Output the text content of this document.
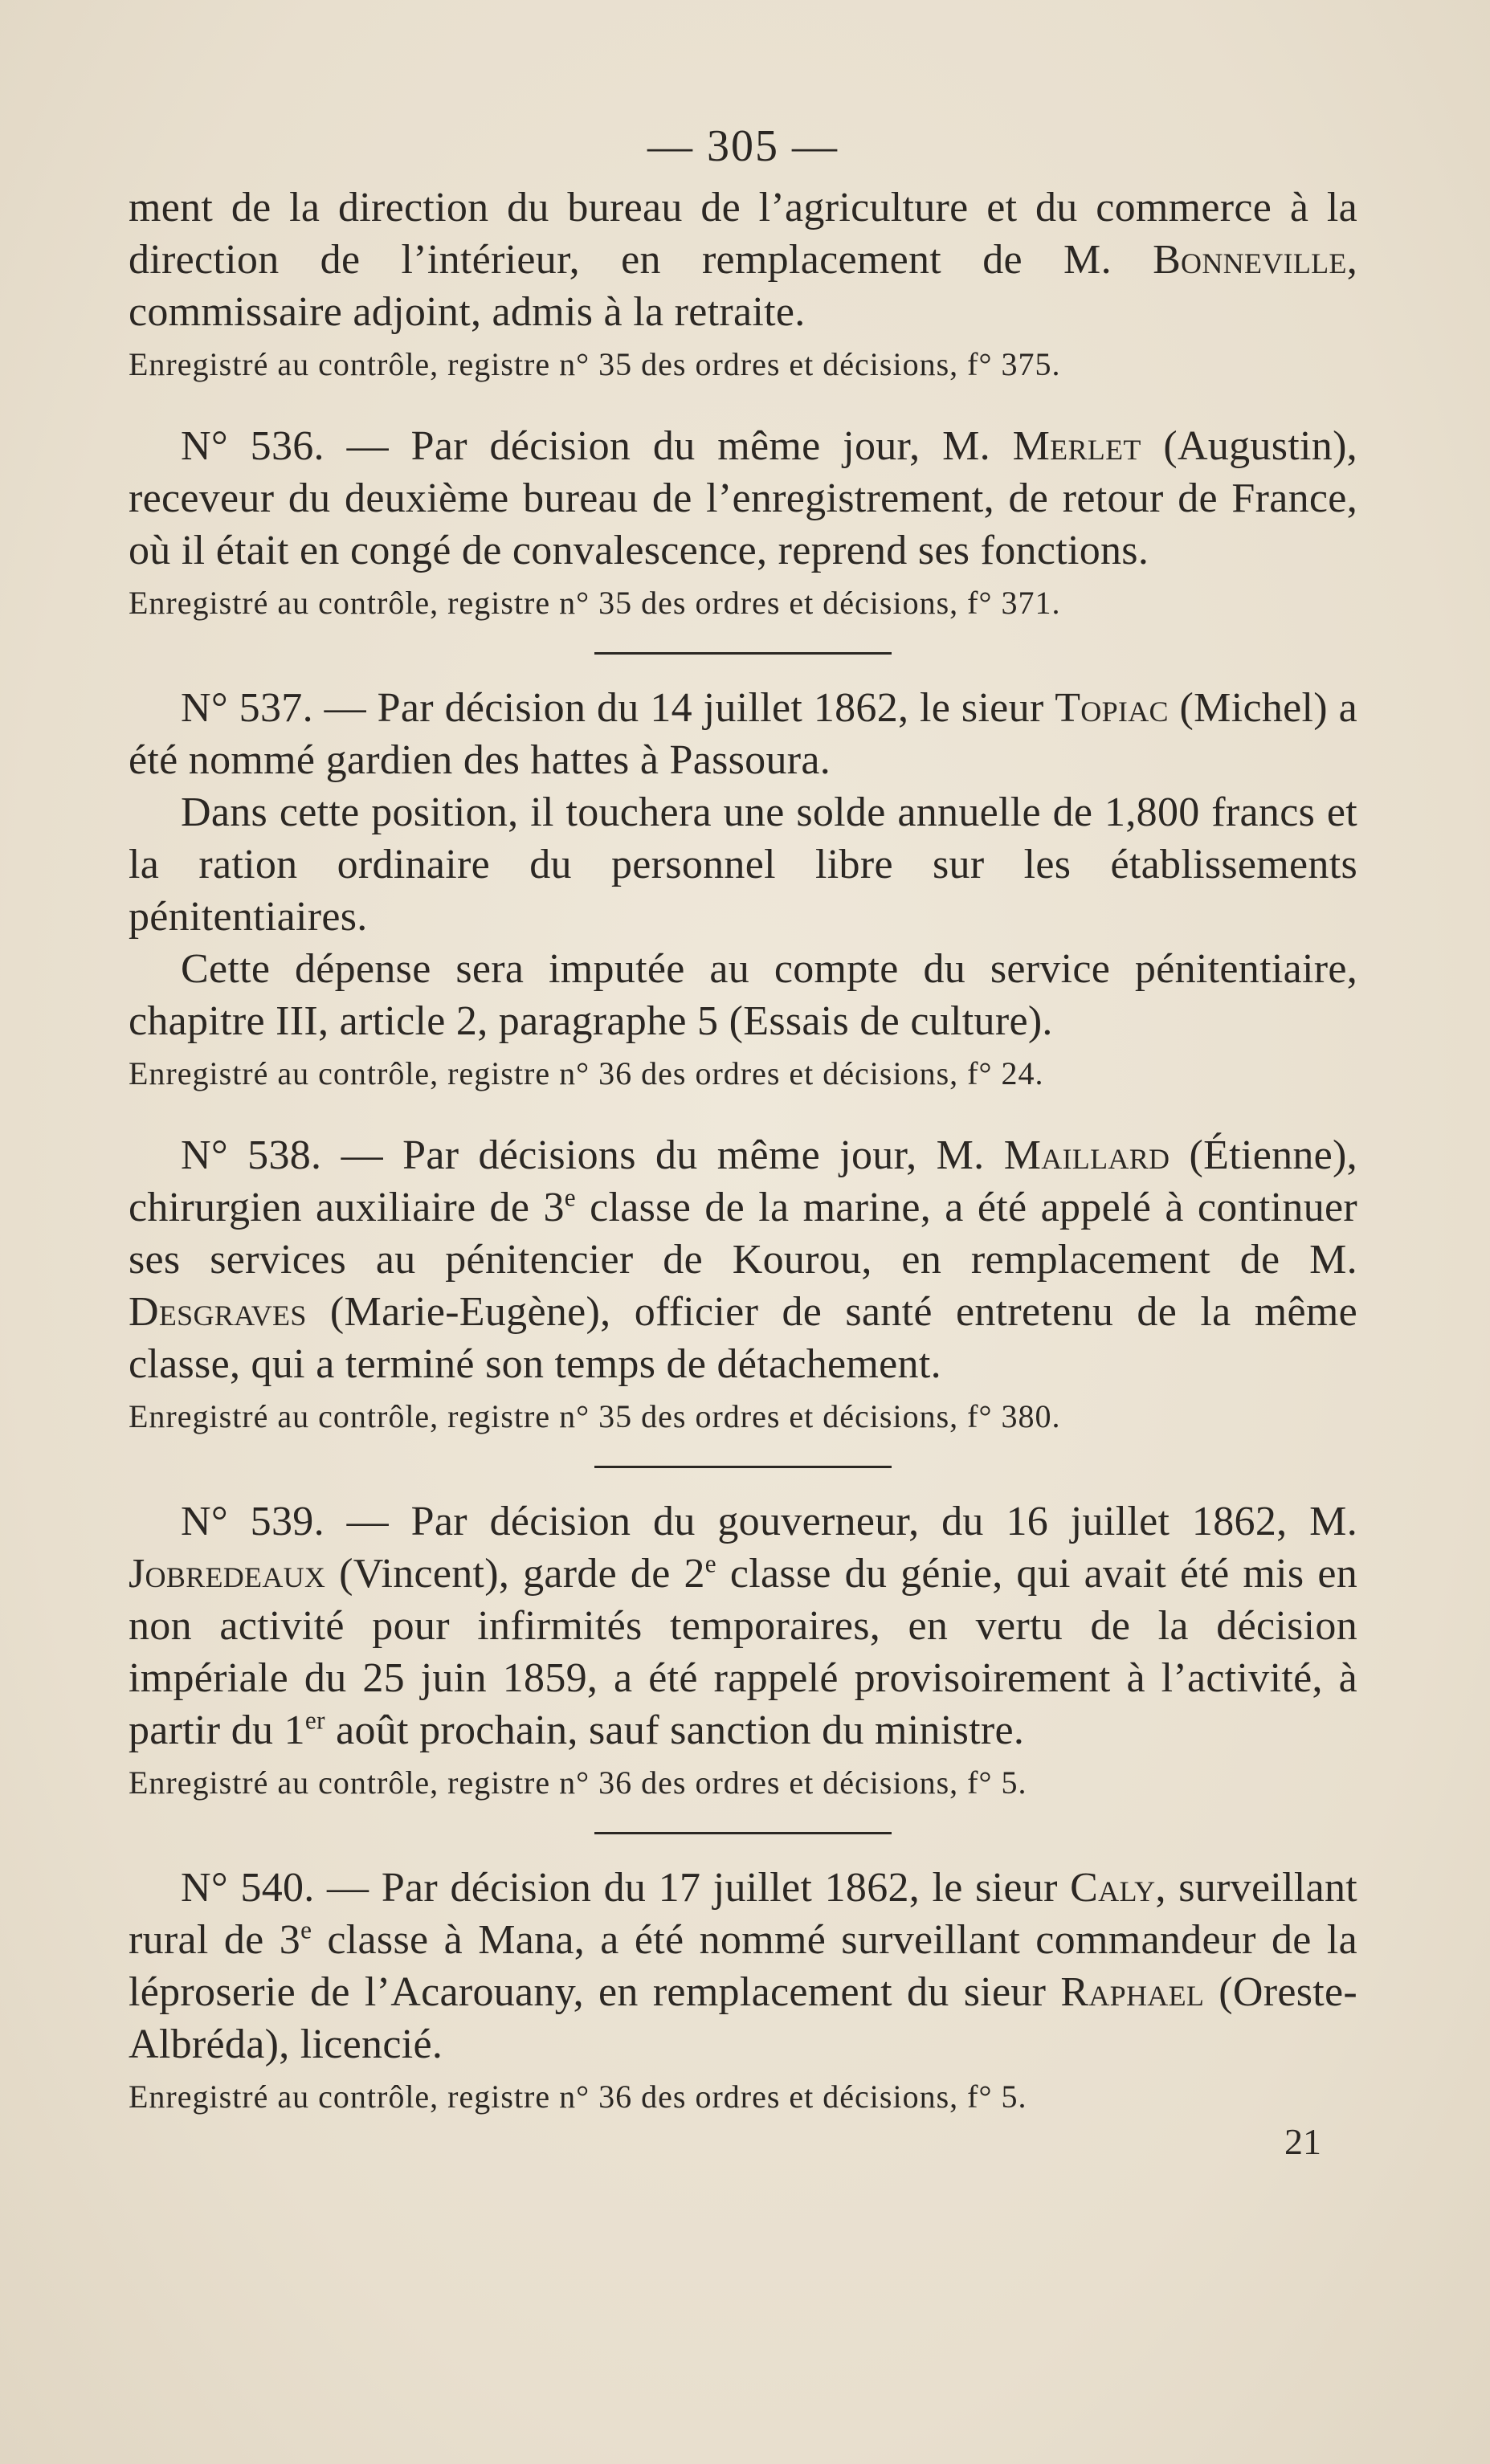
— 305 —

ment de la direction du bureau de l’agriculture et du commerce à la direction de l’intérieur, en remplacement de M. Bonneville, commissaire adjoint, admis à la retraite.

Enregistré au contrôle, registre n° 35 des ordres et décisions, f° 375.

N° 536. — Par décision du même jour, M. Merlet (Augustin), receveur du deuxième bureau de l’enregistrement, de retour de France, où il était en congé de convalescence, reprend ses fonctions.

Enregistré au contrôle, registre n° 35 des ordres et décisions, f° 371.

N° 537. — Par décision du 14 juillet 1862, le sieur Topiac (Michel) a été nommé gardien des hattes à Passoura.

Dans cette position, il touchera une solde annuelle de 1,800 francs et la ration ordinaire du personnel libre sur les établissements pénitentiaires.

Cette dépense sera imputée au compte du service pénitentiaire, chapitre III, article 2, paragraphe 5 (Essais de culture).

Enregistré au contrôle, registre n° 36 des ordres et décisions, f° 24.

N° 538. — Par décisions du même jour, M. Maillard (Étienne), chirurgien auxiliaire de 3e classe de la marine, a été appelé à continuer ses services au pénitencier de Kourou, en remplacement de M. Desgraves (Marie-Eugène), officier de santé entretenu de la même classe, qui a terminé son temps de détachement.

Enregistré au contrôle, registre n° 35 des ordres et décisions, f° 380.

N° 539. — Par décision du gouverneur, du 16 juillet 1862, M. Jobredeaux (Vincent), garde de 2e classe du génie, qui avait été mis en non activité pour infirmités temporaires, en vertu de la décision impériale du 25 juin 1859, a été rappelé provisoirement à l’activité, à partir du 1er août prochain, sauf sanction du ministre.

Enregistré au contrôle, registre n° 36 des ordres et décisions, f° 5.

N° 540. — Par décision du 17 juillet 1862, le sieur Caly, surveillant rural de 3e classe à Mana, a été nommé surveillant commandeur de la léproserie de l’Acarouany, en remplacement du sieur Raphael (Oreste-Albréda), licencié.

Enregistré au contrôle, registre n° 36 des ordres et décisions, f° 5.

21
